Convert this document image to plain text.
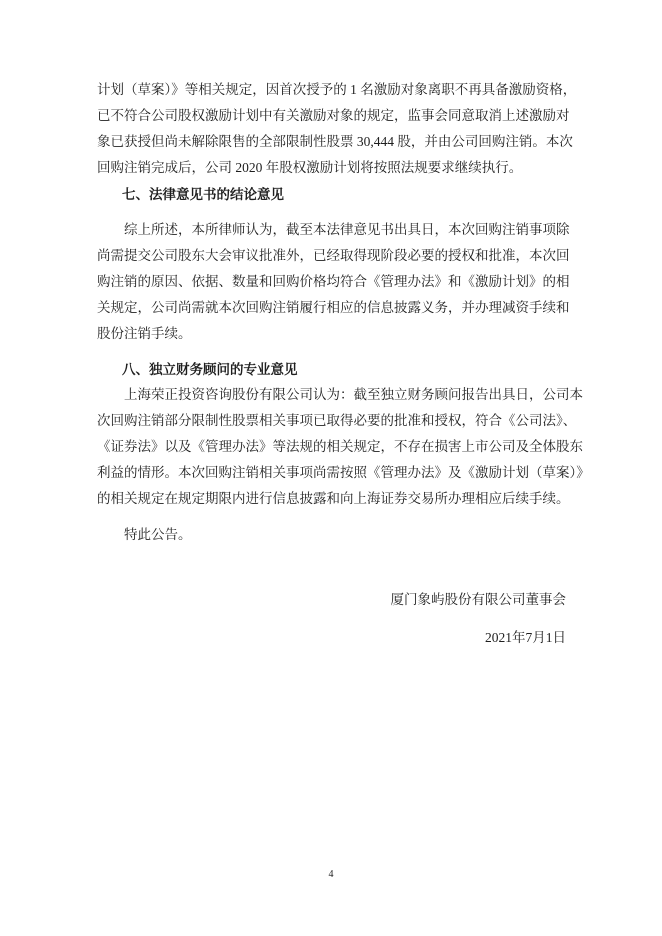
计划（草案）》等相关规定，因首次授予的 1 名激励对象离职不再具备激励资格，
已不符合公司股权激励计划中有关激励对象的规定，监事会同意取消上述激励对
象已获授但尚未解除限售的全部限制性股票 30,444 股，并由公司回购注销。本次
回购注销完成后，公司 2020 年股权激励计划将按照法规要求继续执行。
七、法律意见书的结论意见
综上所述，本所律师认为，截至本法律意见书出具日，本次回购注销事项除
尚需提交公司股东大会审议批准外，已经取得现阶段必要的授权和批准，本次回
购注销的原因、依据、数量和回购价格均符合《管理办法》和《激励计划》的相
关规定，公司尚需就本次回购注销履行相应的信息披露义务，并办理减资手续和
股份注销手续。
八、独立财务顾问的专业意见
上海荣正投资咨询股份有限公司认为：截至独立财务顾问报告出具日，公司本
次回购注销部分限制性股票相关事项已取得必要的批准和授权，符合《公司法》、
《证券法》以及《管理办法》等法规的相关规定，不存在损害上市公司及全体股东
利益的情形。本次回购注销相关事项尚需按照《管理办法》及《激励计划（草案）》
的相关规定在规定期限内进行信息披露和向上海证券交易所办理相应后续手续。
特此公告。
厦门象屿股份有限公司董事会
2021年7月1日
4
